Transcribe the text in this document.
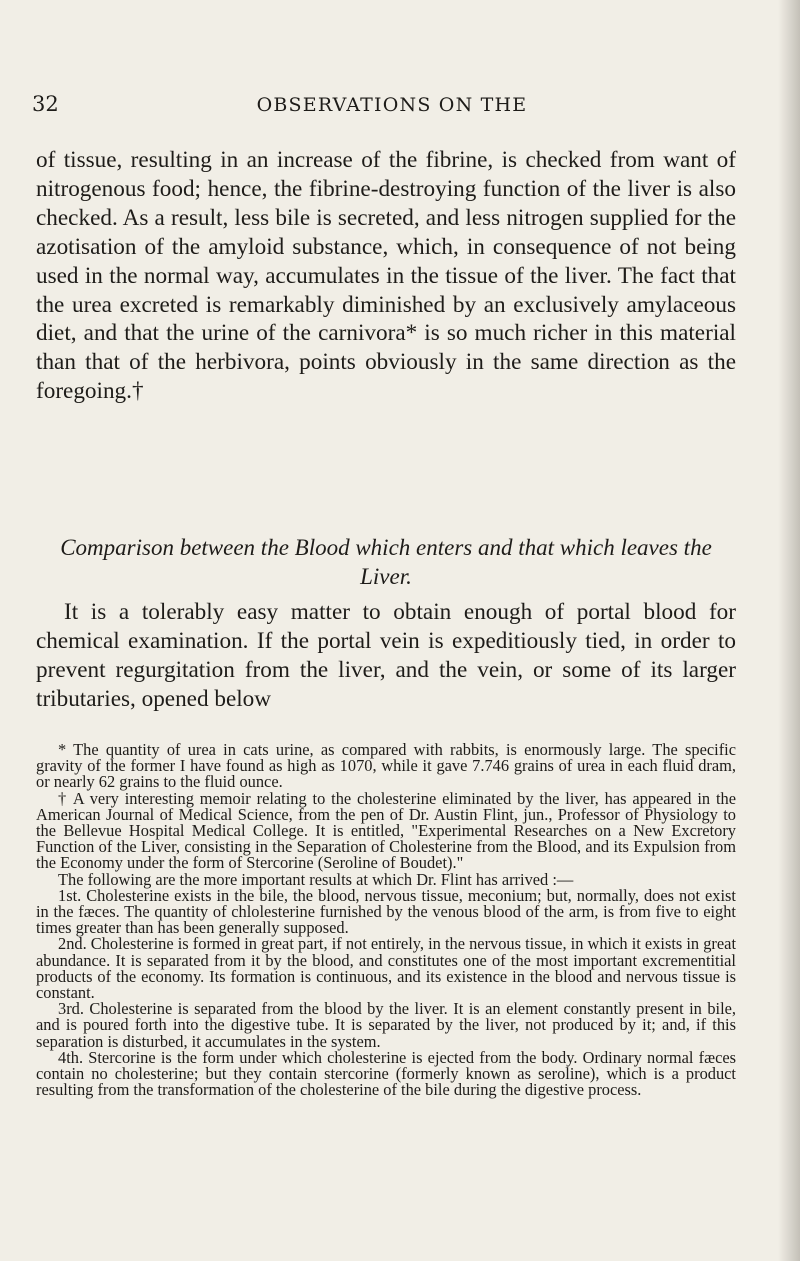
32	OBSERVATIONS ON THE

of tissue, resulting in an increase of the fibrine, is checked from want of nitrogenous food; hence, the fibrine-destroying function of the liver is also checked. As a result, less bile is secreted, and less nitrogen supplied for the azotisation of the amyloid substance, which, in consequence of not being used in the normal way, accumulates in the tissue of the liver. The fact that the urea excreted is remarkably diminished by an exclusively amylaceous diet, and that the urine of the carnivora* is so much richer in this material than that of the herbivora, points obviously in the same direction as the foregoing.†

Comparison between the Blood which enters and that which leaves the Liver.

It is a tolerably easy matter to obtain enough of portal blood for chemical examination. If the portal vein is expeditiously tied, in order to prevent regurgitation from the liver, and the vein, or some of its larger tributaries, opened below

* The quantity of urea in cats urine, as compared with rabbits, is enormously large. The specific gravity of the former I have found as high as 1070, while it gave 7.746 grains of urea in each fluid dram, or nearly 62 grains to the fluid ounce.

† A very interesting memoir relating to the cholesterine eliminated by the liver, has appeared in the American Journal of Medical Science, from the pen of Dr. Austin Flint, jun., Professor of Physiology to the Bellevue Hospital Medical College. It is entitled, "Experimental Researches on a New Excretory Function of the Liver, consisting in the Separation of Cholesterine from the Blood, and its Expulsion from the Economy under the form of Stercorine (Seroline of Boudet)."

The following are the more important results at which Dr. Flint has arrived :—

1st. Cholesterine exists in the bile, the blood, nervous tissue, meconium; but, normally, does not exist in the fæces. The quantity of chlolesterine furnished by the venous blood of the arm, is from five to eight times greater than has been generally supposed.

2nd. Cholesterine is formed in great part, if not entirely, in the nervous tissue, in which it exists in great abundance. It is separated from it by the blood, and constitutes one of the most important excrementitial products of the economy. Its formation is continuous, and its existence in the blood and nervous tissue is constant.

3rd. Cholesterine is separated from the blood by the liver. It is an element constantly present in bile, and is poured forth into the digestive tube. It is separated by the liver, not produced by it; and, if this separation is disturbed, it accumulates in the system.

4th. Stercorine is the form under which cholesterine is ejected from the body. Ordinary normal fæces contain no cholesterine; but they contain stercorine (formerly known as seroline), which is a product resulting from the transformation of the cholesterine of the bile during the digestive process.
